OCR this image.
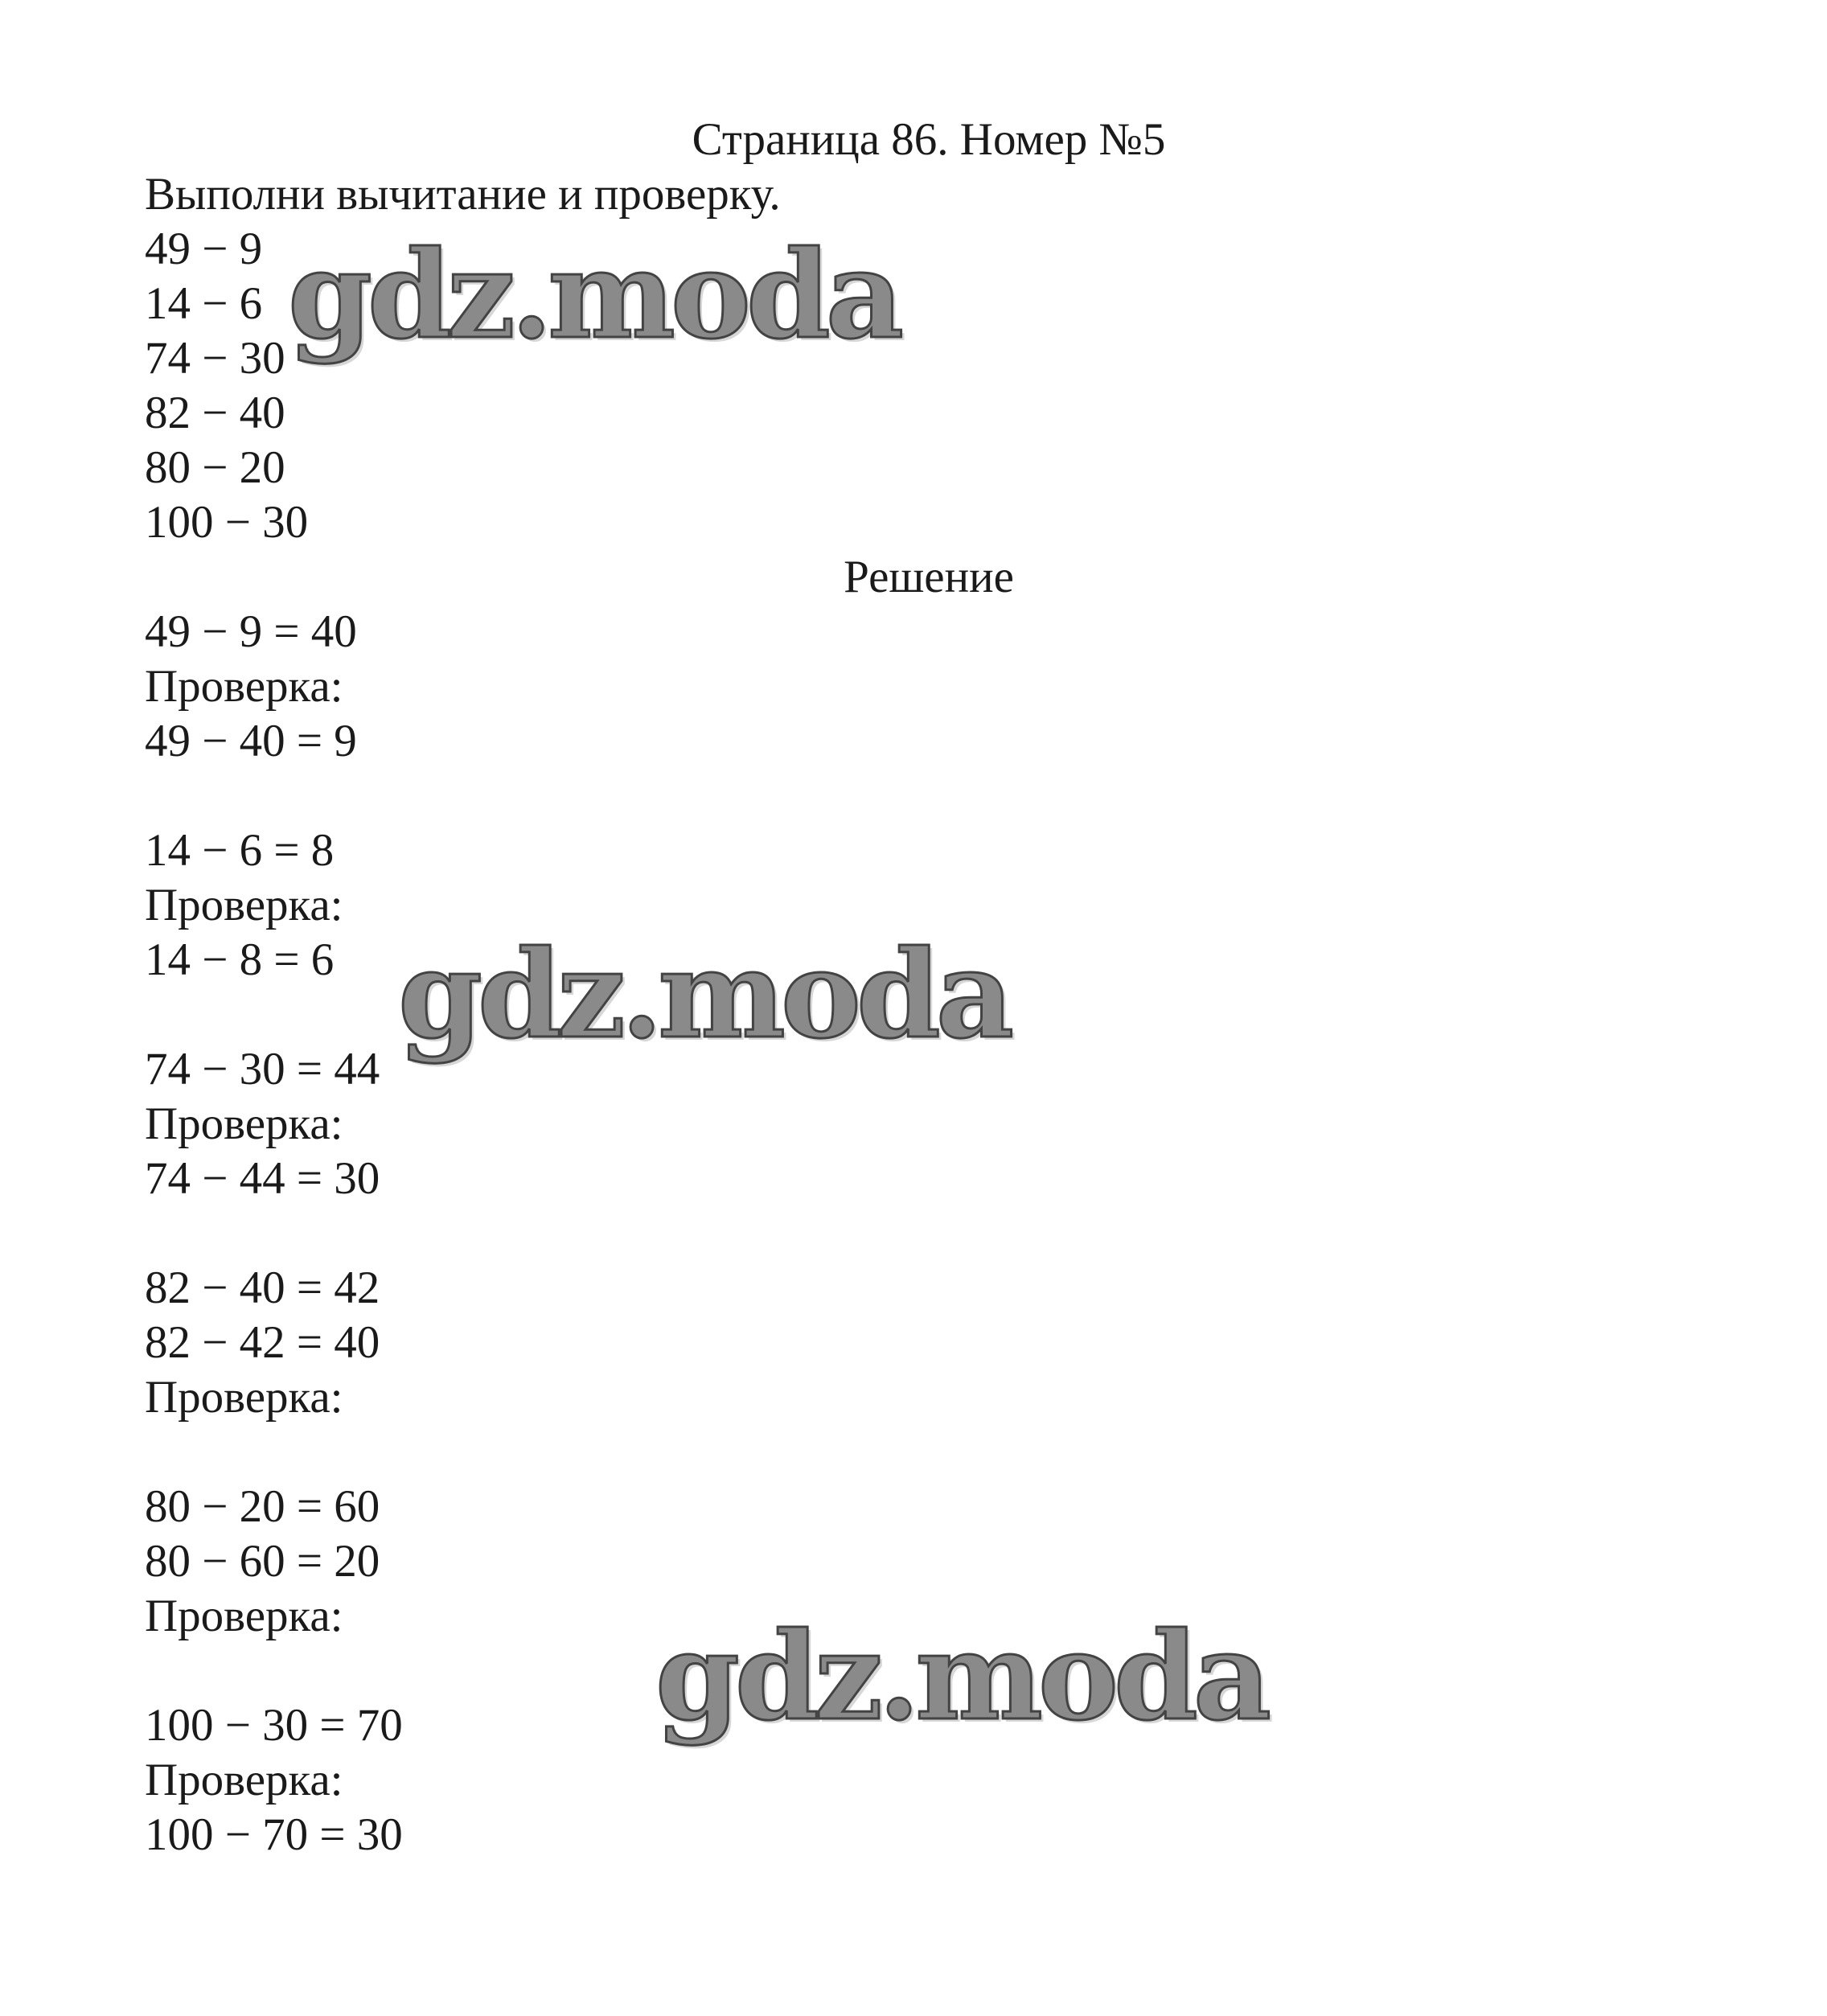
Страница 86. Номер №5
Выполни вычитание и проверку.
49 − 9
14 − 6
74 − 30
82 − 40
80 − 20
100 − 30
Решение
49 − 9 = 40
Проверка:
49 − 40 = 9
14 − 6 = 8
Проверка:
14 − 8 = 6
74 − 30 = 44
Проверка:
74 − 44 = 30
82 − 40 = 42
82 − 42 = 40
Проверка:
80 − 20 = 60
80 − 60 = 20
Проверка:
100 − 30 = 70
Проверка:
100 − 70 = 30
gdz.moda
gdz.moda
gdz.moda
